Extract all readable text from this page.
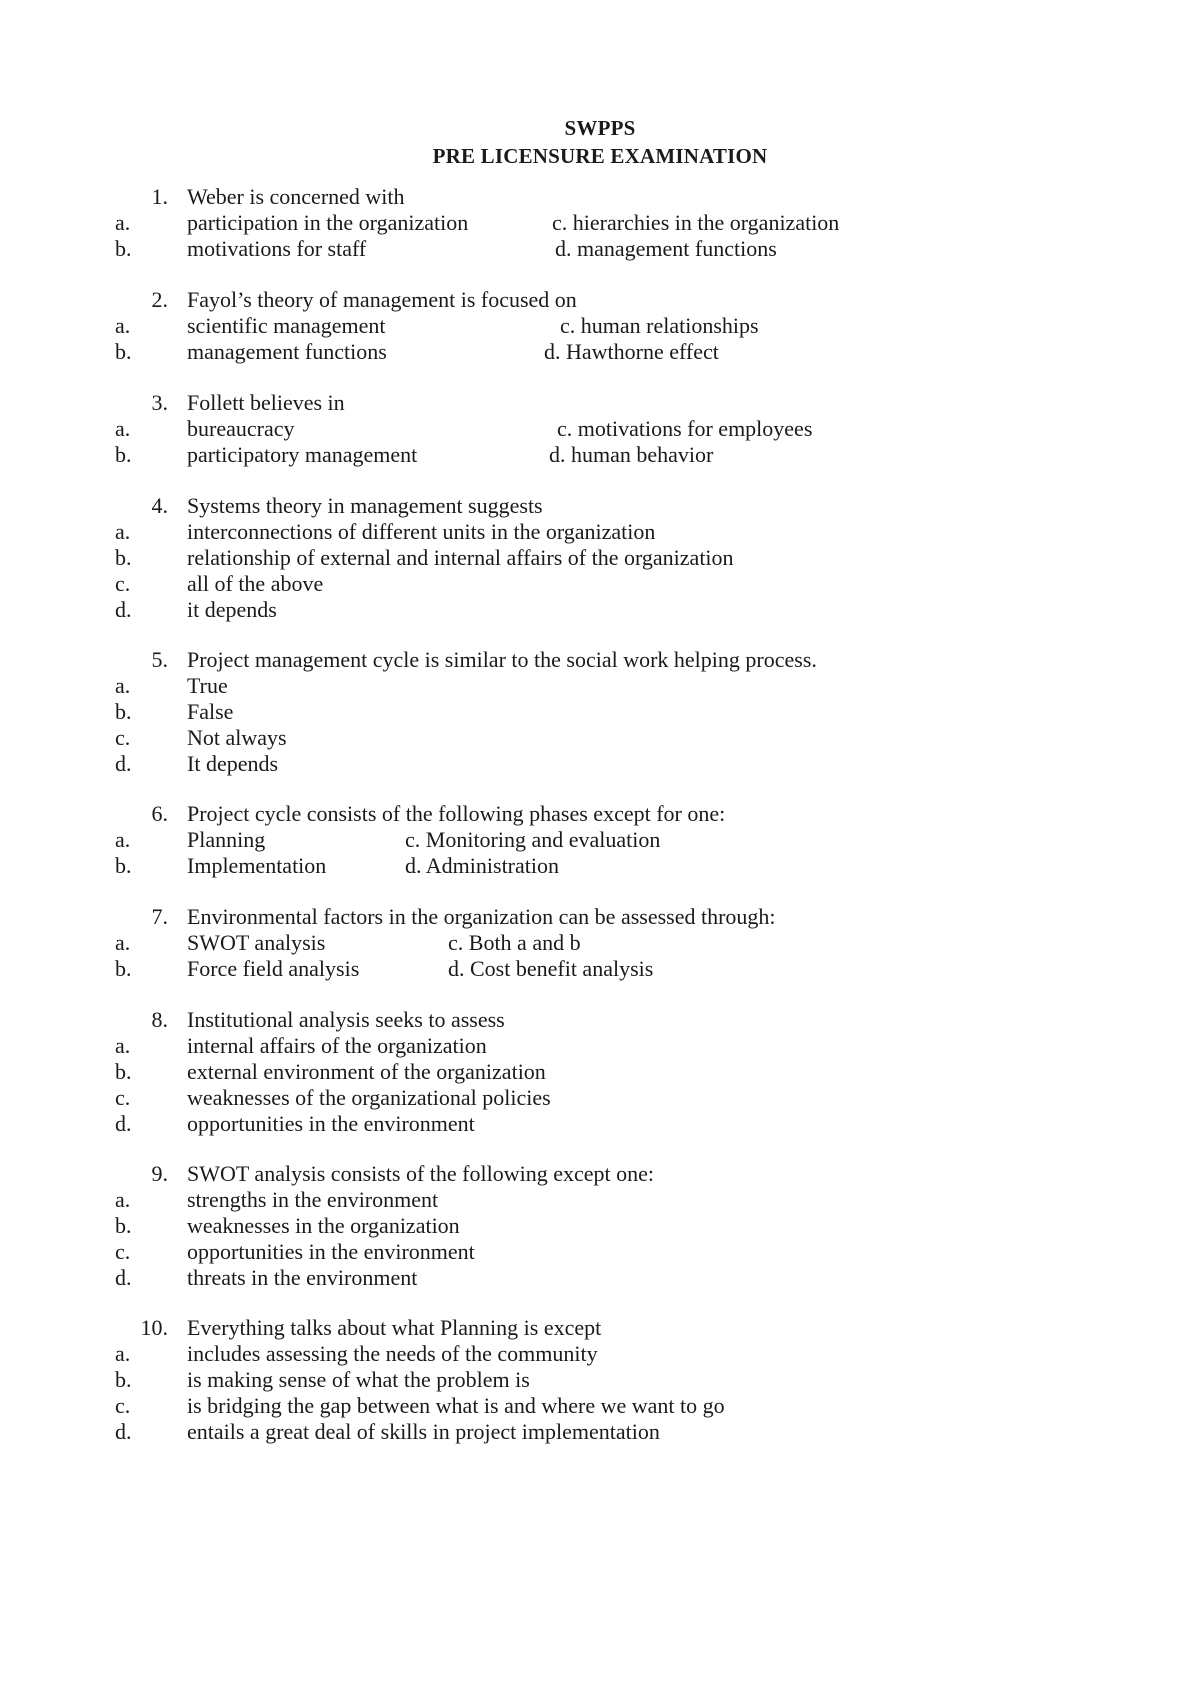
SWPPS
PRE LICENSURE EXAMINATION
1. Weber is concerned with
a.	participation in the organization	c. hierarchies in the organization
b.	motivations for staff	d. management functions
2. Fayol’s theory of management is focused on
a.	scientific management	c. human relationships
b.	management functions	d. Hawthorne effect
3. Follett believes in
a.	bureaucracy	c. motivations for employees
b.	participatory management	d. human behavior
4. Systems theory in management suggests
a.	interconnections of different units in the organization
b.	relationship of external and internal affairs of the organization
c.	all of the above
d.	it depends
5. Project management cycle is similar to the social work helping process.
a.	True
b.	False
c.	Not always
d.	It depends
6. Project cycle consists of the following phases except for one:
a.	Planning	c. Monitoring and evaluation
b.	Implementation	d. Administration
7. Environmental factors in the organization can be assessed through:
a.	SWOT analysis	c. Both a and b
b.	Force field analysis	d. Cost benefit analysis
8. Institutional analysis seeks to assess
a.	internal affairs of the organization
b.	external environment of the organization
c.	weaknesses of the organizational policies
d.	opportunities in the environment
9. SWOT analysis consists of the following except one:
a.	strengths in the environment
b.	weaknesses in the organization
c.	opportunities in the environment
d.	threats in the environment
10. Everything talks about what Planning is except
a.	includes assessing the needs of the community
b.	is making sense of what the problem is
c.	is bridging the gap between what is and where we want to go
d.	entails a great deal of skills in project implementation
